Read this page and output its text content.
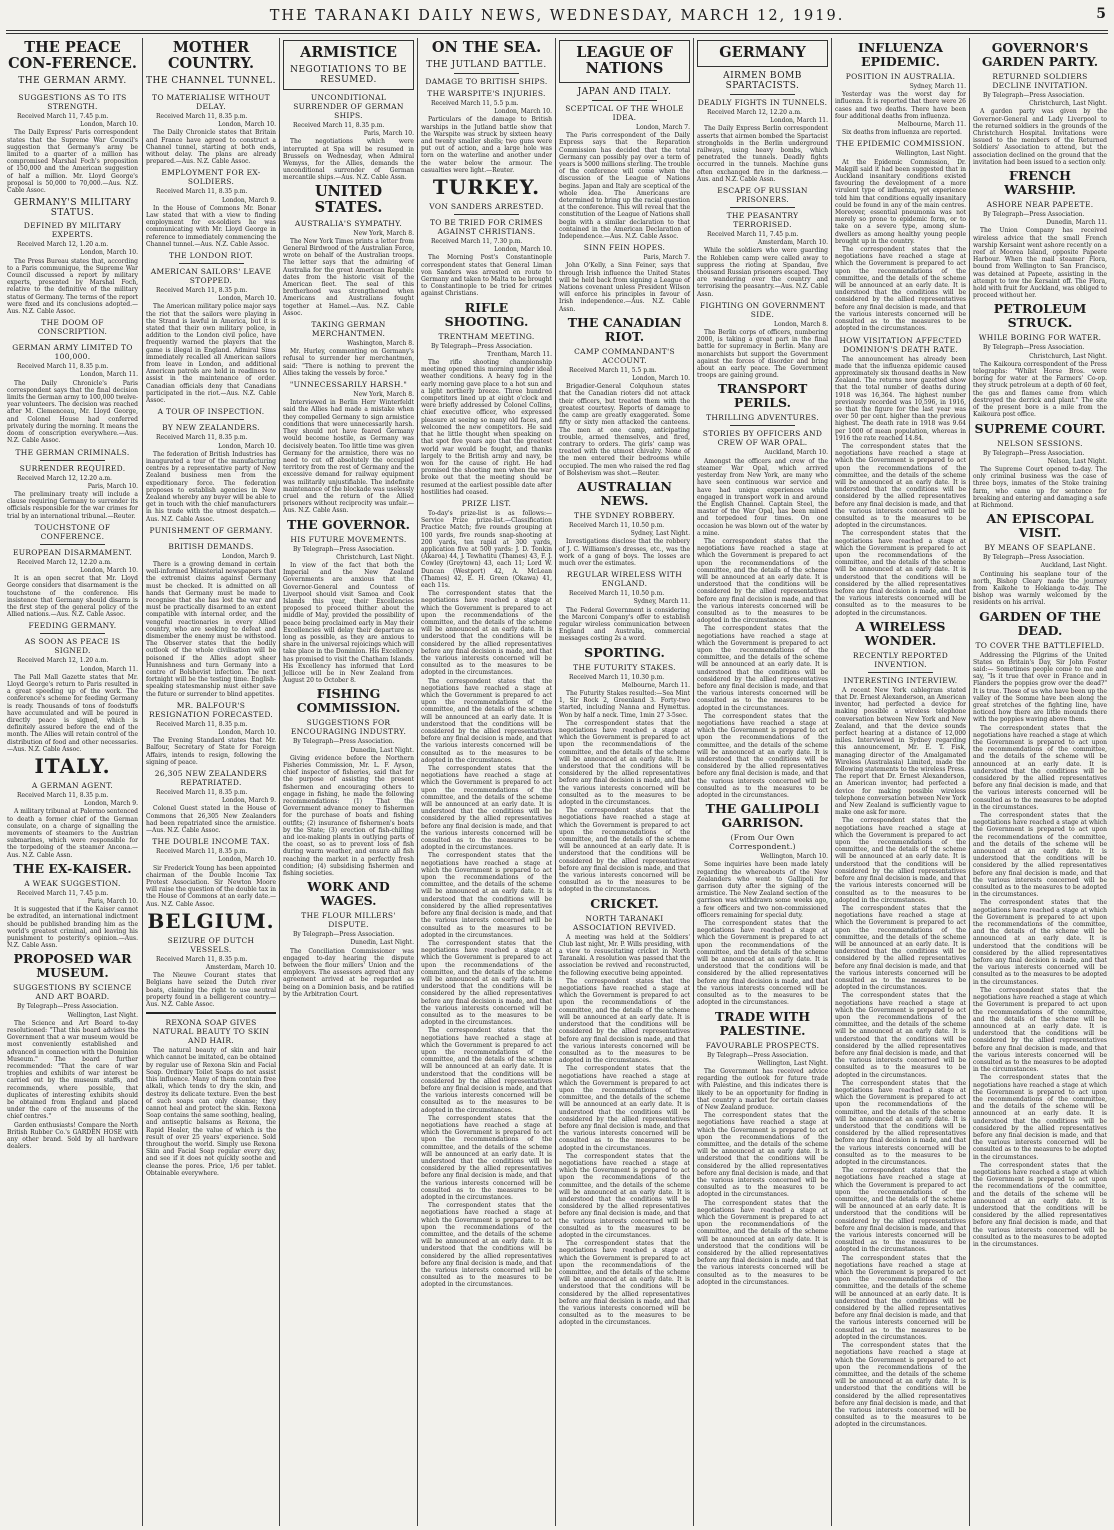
THE TARANAKI DAILY NEWS, WEDNESDAY, MARCH 12, 1919.	5
THE PEACE CON-FERENCE.
THE GERMAN ARMY.
SUGGESTIONS AS TO ITS STRENGTH.
Received March 11, 7.45 p.m.
London, March 10.

The Daily Express' Paris correspondent states that the Supreme War Council's suggestion that Germany's army be limited to a quarter of a million has compromised Marshal Foch's proposition of 150,000 and the American suggestion of half a million. Mr. Lloyd George's proposal is 50,000 to 70,000.—Aus. N.Z. Cable Assoc.

GERMANY'S MILITARY STATUS.
DEFINED BY MILITARY EXPERTS.
Received March 12, 1.20 a.m.
London, March 10.

The Press Bureau states that, according to a Paris communique, the Supreme War Council discussed a report by military experts, presented by Marshal Foch, relative to the definitive of the military status of Germany. The terms of the report were fixed and its conclusions adopted.—Aus. N.Z. Cable Assoc.

THE DOOM OF CONSCRIPTION.
GERMAN ARMY LIMITED TO 100,000.
Received March 11, 8.35 p.m.
London, March 11.

The Daily Chronicle's Paris correspondent says that the final decision limits the German army to 100,000 twelve-year volunteers. The decision was reached after M. Clemenceau, Mr. Lloyd George, and Colonel House had conferred privately during the morning. It means the doom of conscription everywhere.—Aus. N.Z. Cable Assoc.

THE GERMAN CRIMINALS.
SURRENDER REQUIRED.
Received March 12, 12.20 a.m.
Paris, March 10.

The preliminary treaty will include a clause requiring Germany to surrender its officials responsible for the war crimes for trial by an international tribunal.—Reuter.

TOUCHSTONE OF CONFERENCE.
EUROPEAN DISARMAMENT.
Received March 12, 12.20 a.m.
London, March 10.

It is an open secret that Mr. Lloyd George considers that disarmament is the touchstone of the conference. His insistence that Germany should disarm is the first step of the general policy of the Allied nations.—Aus. N.Z. Cable Assoc.

FEEDING GERMANY.
AS SOON AS PEACE IS SIGNED.
Received March 12, 1.20 a.m.
London, March 11.

The Pall Mall Gazette states that Mr. Lloyd George's return to Paris resulted in a great speeding up of the work. The conference's scheme for feeding Germany is ready. Thousands of tons of foodstuffs have accumulated and will be poured in directly peace is signed, which is definitely assured before the end of the month. The Allies will retain control of the distribution of food and other necessaries.—Aus. N.Z. Cable Assoc.

ITALY.
A GERMAN AGENT.
Received March 11, 8.35 p.m.
London, March 9.

A military tribunal at Palermo sentenced to death a former chief of the German consulate, on a charge of signalling the movements of steamers to the Austrian submarines, which were responsible for the torpedoing of the steamer Ancona.—Aus. N.Z. Cable Assn.

THE EX-KAISER.
A WEAK SUGGESTION.
Received March 11, 7.45 p.m.
Paris, March 10.

It is suggested that if the Kaiser cannot be extradited, an international indictment should be published branding him as the world's greatest criminal, and leaving his punishment to posterity's opinion.—Aus. N.Z. Cable Assn.

PROPOSED WAR MUSEUM.
SUGGESTIONS BY SCIENCE AND ART BOARD.
By Telegraph—Press Association.
Wellington, Last Night.

The Science and Art Board to-day resolutioned: "That this board advises the Government that a war museum would be most conveniently established and advanced in connection with the Dominion Museum." The board further recommended: "That the care of war trophies and exhibits of war interest be carried out by the museum staffs, and recommends, where possible, that duplicates of interesting exhibits should be obtained from England and placed under the care of the museums of the chief centres."

Garden enthusiasts! Compare the North British Rubber Co.'s GARDEN HOSE with any other brand. Sold by all hardware dealers.

MOTHER COUNTRY.
THE CHANNEL TUNNEL.
TO MATERIALISE WITHOUT DELAY.
Received March 11, 8.35 p.m.
London, March 10.

The Daily Chronicle states that Britain and France have agreed to construct a Channel tunnel, starting at both ends, without delay. The plans are already prepared.—Aus. N.Z. Cable Assoc.

EMPLOYMENT FOR EX-SOLDIERS.
Received March 11, 8.35 p.m.
London, March 9.

In the House of Commons Mr. Bonar Law stated that with a view to finding employment for ex-soldiers he was communicating with Mr. Lloyd George in reference to immediately commencing the Channel tunnel.—Aus. N.Z. Cable Assoc.

THE LONDON RIOT.
AMERICAN SAILORS' LEAVE STOPPED.
Received March 11, 8.35 p.m.
London, March 10.

The American military police major says the riot that the sailors were playing in the Strand is lawful in America, but it is stated that their own military police, in addition to the London civil police, have frequently warned the players that the game is illegal in England. Admiral Sims immediately recalled all American sailors from leave in London, and additional American patrols are held in readiness to assist in the maintenance of order. Canadian officials deny that Canadians participated in the riot.—Aus. N.Z. Cable Assoc.

A TOUR OF INSPECTION.
BY NEW ZEALANDERS.
Received March 11, 8.35 p.m.
London, March 10.

The federation of British Industries has inaugurated a tour of the manufacturing centres by a representative party of New Zealand business men from the expeditionary force. The federation proposes to establish agencies in New Zealand whereby any buyer will be able to get in touch with the chief manufacturers in his trade with the utmost despatch.—Aus. N.Z. Cable Assoc.

PUNISHMENT OF GERMANY.
BRITISH DEMANDS.
London, March 9.

There is a growing demand in certain well-informed Ministerial newspapers that the extremist claims against Germany must be checked. It is admitted on all hands that Germany must be made to recognise that she has lost the war and must be practically disarmed to an extent compatible with internal order, and the vengeful reactionaries in every Allied country, who are seeking to defeat and dismember the enemy must be withstood. The Observer states that the bodily outlook of the whole civilisation will be poisoned if the Allies adopt sheer Hunnishness and turn Germany into a centre of Bolshevist infection. The next fortnight will be the testing time. English-speaking statesmanship must either save the future or surrender to blind appetites.

MR. BALFOUR'S RESIGNATION FORECASTED.
Received March 11, 8.35 p.m.
London, March 10.

The Evening Standard states that Mr. Balfour, Secretary of State for Foreign Affairs, intends to resign, following the signing of peace.

26,305 NEW ZEALANDERS REPATRIATED.
Received March 11, 8.35 p.m.
London, March 9.

Colonel Guest stated in the House of Commons that 26,305 New Zealanders had been repatriated since the armistice.—Aus. N.Z. Cable Assoc.

THE DOUBLE INCOME TAX.
Received March 11, 8.35 p.m.
London, March 10.

Sir Frederick Young has been appointed chairman of the Double Income Tax Protest Association. Sir Newton Moore will raise the question of the double tax in the House of Commons at an early date.—Aus. N.Z. Cable Assoc.

BELGIUM.
SEIZURE OF DUTCH VESSELS.
Received March 11, 8.35 p.m.
Amsterdam, March 10.

The Nieuwe Courant states that Belgians have seized the Dutch river boats, claiming the right to use neutral property found in a belligerent country.—Aus. N.Z. Cable Assoc.

REXONA SOAP GIVES NATURAL BEAUTY TO SKIN AND HAIR.

The natural beauty of skin and hair which cannot be imitated, can be obtained by regular use of Rexona Skin and Facial Soap. Ordinary Toilet Soaps do not assist this influence. Many of them contain free alkali, which tends to dry the skin, and destroy its delicate texture. Even the best of such soaps can only cleanse; they cannot heal and protect the skin. Rexona Soap contains the same soothing, healing, and antiseptic balsams as Rexona, the Rapid Healer, the value of which is the result of over 25 years' experience. Sold throughout the world. Simply use Rexona Skin and Facial Soap regular every day, and see if it does not quickly soothe and cleanse the pores. Price, 1/6 per tablet. Obtainable everywhere.

ARMISTICE
NEGOTIATIONS TO BE RESUMED.
UNCONDITIONAL SURRENDER OF GERMAN SHIPS.
Received March 11, 8.35 p.m.
Paris, March 10.

The negotiations which were interrupted at Spa will be resumed in Brussels on Wednesday, when Admiral Wemyss, for the Allies, demands the unconditional surrender of German mercantile ships.—Aus. N.Z. Cable Assn.

UNITED STATES.
AUSTRALIA'S SYMPATHY.
New York, March 8.

The New York Times prints a letter from General Birdwood of the Australian Force, wrote on behalf of the Australian troops. The letter says that the admiring of Australia for the great American Republic dates from the historic visit of the American fleet. The seal of this brotherhood was strengthened when Americans and Australians fought together at Hamel.—Aus. N.Z. Cable Assoc.

TAKING GERMAN MERCHANTMEN.
Washington, March 8.

Mr. Hurley, commenting on Germany's refusal to surrender her merchantmen, said: "There is nothing to prevent the Allies taking the vessels by force."

"UNNECESSARILY HARSH."
New York, March 8.

Interviewed in Berlin Herr Winterfeldt said the Allies had made a mistake when they compelled Germany to sign armistice conditions that were unnecessarily harsh. They should not have feared Germany would become hostile, as Germany was decisively beaten. Too little time was given Germany for the armistice, there was no need to cut off absolutely the occupied territory from the rest of Germany and the excessive demand for railway equipment was militarily unjustifiable. The indefinite maintenance of the blockade was uselessly cruel and the return of the Allied prisoners without reciprocity was unfair.—Aus. N.Z. Cable Assn.

THE GOVERNOR.
HIS FUTURE MOVEMENTS.
By Telegraph—Press Association.
Christchurch, Last Night.

In view of the fact that both the Imperial and the New Zealand Governments are anxious that the Governor-General and Countess of Liverpool should visit Samoa and Cook Islands this year, their Excellencies proposed to proceed thither about the middle of May, provided the possibility of peace being proclaimed early in May their Excellencies will delay their departure as long as possible, as they are anxious to share in the universal rejoicings which will take place in the Dominion. His Excellency has promised to visit the Chatham Islands. His Excellency has informed that Lord Jellicoe will be in New Zealand from August 20 to October 8.

FISHING COMMISSION.
SUGGESTIONS FOR ENCOURAGING INDUSTRY.
By Telegraph—Press Association.
Dunedin, Last Night.

Giving evidence before the Northern Fisheries Commission, Mr. L. F. Ayson, chief inspector of fisheries, said that for the purpose of assisting the present fishermen and encouraging others to engage in fishing, he made the following recommendations: (1) That the Government advance money to fishermen for the purchase of boats and fishing outfits; (2) insurance of fishermen's boats by the State; (3) erection of fish-chilling and ice-making plants in outlying parts of the coast, so as to prevent loss of fish during warm weather, and ensure all fish reaching the market in a perfectly fresh condition; (4) subsidising fishermen and fishing societies.

WORK AND WAGES.
THE FLOUR MILLERS' DISPUTE.
By Telegraph—Press Association.
Dunedin, Last Night.

The Conciliation Commissioner was engaged to-day hearing the dispute between the flour millers' Union and the employers. The assessors agreed that any agreement arrived at be regarded as being on a Dominion basis, and be ratified by the Arbitration Court.

ON THE SEA.
THE JUTLAND BATTLE.
DAMAGE TO BRITISH SHIPS.
THE WARSPITE'S INJURIES.
Received March 11, 5.5 p.m.
London, March 10.

Particulars of the damage to British warships in the Jutland battle show that the Warspite was struck by sixteen heavy and twenty smaller shells; two guns were put out of action, and a large hole was torn on the waterline and another under the water below the armour. The casualties were light.—Reuter.

TURKEY.
VON SANDERS ARRESTED.
TO BE TRIED FOR CRIMES AGAINST CHRISTIANS.
Received March 11, 7.30 p.m.
London, March 10.

The Morning Post's Constantinople correspondent states that General Liman von Sanders was arrested en route to Germany and taken to Malta to be brought to Constantinople to be tried for crimes against Christians.

RIFLE SHOOTING.
TRENTHAM MEETING.
By Telegraph—Press Association.
Trentham, March 11.

The rifle shooting championship meeting opened this morning under ideal weather conditions. A heavy fog in the early morning gave place to a hot sun and a light northerly breeze. Three hundred competitors lined up at eight o'clock and were briefly addressed by Colonel Collins, chief executive officer, who expressed pleasure at seeing so many old faces, and welcomed the new competitors. He said that he little thought when speaking on that spot five years ago that the greatest world war would be fought, and thanks largely to the British army and navy, be won for the cause of right. He had promised the shooting men when the war broke out that the meeting should be resumed at the earliest possible date after hostilities had ceased.

PRIZE LIST.

To-day's prize-list is as follows:— Service Prize prize-list.—Classification Practice Match; five rounds grouping at 100 yards, five rounds snap-shooting at 200 yards, ten rapid at 300 yards, application five at 500 yards: J. D. Tonkin (Akaroa) 44, J. Tewhatitu (Thames) 43, F. J. Cowley (Greytown) 43, each 11; Lord W. Duncan (Westport) 42, A. McLean (Thames) 42, E. H. Green (Okawa) 41, each 11s.

The correspondent states that the negotiations have reached a stage at which the Government is prepared to act upon the recommendations of the committee, and the details of the scheme will be announced at an early date. It is understood that the conditions will be considered by the allied representatives before any final decision is made, and that the various interests concerned will be consulted as to the measures to be adopted in the circumstances.

The correspondent states that the negotiations have reached a stage at which the Government is prepared to act upon the recommendations of the committee, and the details of the scheme will be announced at an early date. It is understood that the conditions will be considered by the allied representatives before any final decision is made, and that the various interests concerned will be consulted as to the measures to be adopted in the circumstances.

The correspondent states that the negotiations have reached a stage at which the Government is prepared to act upon the recommendations of the committee, and the details of the scheme will be announced at an early date. It is understood that the conditions will be considered by the allied representatives before any final decision is made, and that the various interests concerned will be consulted as to the measures to be adopted in the circumstances.

The correspondent states that the negotiations have reached a stage at which the Government is prepared to act upon the recommendations of the committee, and the details of the scheme will be announced at an early date. It is understood that the conditions will be considered by the allied representatives before any final decision is made, and that the various interests concerned will be consulted as to the measures to be adopted in the circumstances.

The correspondent states that the negotiations have reached a stage at which the Government is prepared to act upon the recommendations of the committee, and the details of the scheme will be announced at an early date. It is understood that the conditions will be considered by the allied representatives before any final decision is made, and that the various interests concerned will be consulted as to the measures to be adopted in the circumstances.

The correspondent states that the negotiations have reached a stage at which the Government is prepared to act upon the recommendations of the committee, and the details of the scheme will be announced at an early date. It is understood that the conditions will be considered by the allied representatives before any final decision is made, and that the various interests concerned will be consulted as to the measures to be adopted in the circumstances.

The correspondent states that the negotiations have reached a stage at which the Government is prepared to act upon the recommendations of the committee, and the details of the scheme will be announced at an early date. It is understood that the conditions will be considered by the allied representatives before any final decision is made, and that the various interests concerned will be consulted as to the measures to be adopted in the circumstances.

The correspondent states that the negotiations have reached a stage at which the Government is prepared to act upon the recommendations of the committee, and the details of the scheme will be announced at an early date. It is understood that the conditions will be considered by the allied representatives before any final decision is made, and that the various interests concerned will be consulted as to the measures to be adopted in the circumstances.

LEAGUE OF NATIONS
JAPAN AND ITALY.
SCEPTICAL OF THE WHOLE IDEA.
London, March 7.

The Paris correspondent of the Daily Express says that the Reparation Commission has decided that the total Germany can possibly pay over a term of years is 5000 millions sterling. The trouble of the conference will come when the discussion of the League of Nations begins. Japan and Italy are sceptical of the whole idea. The Americans are determined to bring up the racial question at the conference. This will reveal that the constitution of the League of Nations shall begin with a similar declaration to that contained in the American Declaration of Independence.—Aus. N.Z. Cable Assoc.

SINN FEIN HOPES.
Paris, March 7.

John O'Kelly, a Sinn Feiner, says that through Irish influence the United States will be held back from signing a League of Nations covenant unless President Wilson will enforce his principles in favour of Irish independence.—Aus. N.Z. Cable Assn.

THE CANADIAN RIOT.
CAMP COMMANDANT'S ACCOUNT.
Received March 11, 5.5 p.m.
London, March 10.

Brigadier-General Colquhoun states that the Canadian rioters did not attack their officers, but treated them with the greatest courtesy. Reports of damage to the camp are greatly exaggerated. Some fifty or sixty men attacked the canteens. The men at one camp, anticipating trouble, armed themselves, and fired, contrary to orders. The girls' camp was treated with the utmost chivalry. None of the men entered their bedrooms while occupied. The men who raised the red flag of Bolshevism was shot.—Reuter.

AUSTRALIAN NEWS.
THE SYDNEY ROBBERY.
Received March 11, 10.50 p.m.
Sydney, Last Night.

Investigations disclose that the robbery of J. C. Williamson's dresses, etc., was the work of a gang of boys. The losses are much over the estimates.

REGULAR WIRELESS WITH ENGLAND.
Received March 11, 10.50 p.m.
Sydney, March 11.

The Federal Government is considering the Marconi Company's offer to establish regular wireless communication between England and Australia, commercial messages costing 2s a word.

SPORTING.
THE FUTURITY STAKES.
Received March 11, 10.30 p.m.
Melbourne, March 11.

The Futurity Stakes resulted:—Sea Mint 1, Sir Rock 2, Greenland 3. Forty-two started, including Nanna and Hymettus. Won by half a neck. Time, 1min 27 3-5sec.

The correspondent states that the negotiations have reached a stage at which the Government is prepared to act upon the recommendations of the committee, and the details of the scheme will be announced at an early date. It is understood that the conditions will be considered by the allied representatives before any final decision is made, and that the various interests concerned will be consulted as to the measures to be adopted in the circumstances.

The correspondent states that the negotiations have reached a stage at which the Government is prepared to act upon the recommendations of the committee, and the details of the scheme will be announced at an early date. It is understood that the conditions will be considered by the allied representatives before any final decision is made, and that the various interests concerned will be consulted as to the measures to be adopted in the circumstances.

CRICKET.
NORTH TARANAKI ASSOCIATION REVIVED.

A meeting was held at the Soldiers' Club last night, Mr. P. Wills presiding, with a view to resuscitating cricket in North Taranaki. A resolution was passed that the association be revived and reconstructed, the following executive being appointed.

The correspondent states that the negotiations have reached a stage at which the Government is prepared to act upon the recommendations of the committee, and the details of the scheme will be announced at an early date. It is understood that the conditions will be considered by the allied representatives before any final decision is made, and that the various interests concerned will be consulted as to the measures to be adopted in the circumstances.

The correspondent states that the negotiations have reached a stage at which the Government is prepared to act upon the recommendations of the committee, and the details of the scheme will be announced at an early date. It is understood that the conditions will be considered by the allied representatives before any final decision is made, and that the various interests concerned will be consulted as to the measures to be adopted in the circumstances.

The correspondent states that the negotiations have reached a stage at which the Government is prepared to act upon the recommendations of the committee, and the details of the scheme will be announced at an early date. It is understood that the conditions will be considered by the allied representatives before any final decision is made, and that the various interests concerned will be consulted as to the measures to be adopted in the circumstances.

The correspondent states that the negotiations have reached a stage at which the Government is prepared to act upon the recommendations of the committee, and the details of the scheme will be announced at an early date. It is understood that the conditions will be considered by the allied representatives before any final decision is made, and that the various interests concerned will be consulted as to the measures to be adopted in the circumstances.

GERMANY
AIRMEN BOMB SPARTACISTS.
DEADLY FIGHTS IN TUNNELS.
Received March 12, 12.20 a.m.
London, March 11.

The Daily Express Berlin correspondent asserts that airmen bombed the Spartacist strongholds in the Berlin underground railways, using heavy bombs, which penetrated the tunnels. Deadly fights occurred in the tunnels. Machine guns often exchanged fire in the darkness.—Aus. and N.Z. Cable Assn.

ESCAPE OF RUSSIAN PRISONERS.
THE PEASANTRY TERRORISED.
Received March 11, 7.45 p.m.
Amsterdam, March 10.

While the soldiers who were guarding the Rohleben camp were called away to suppress the rioting at Spandau, five thousand Russian prisoners escaped. They are wandering over the country and terrorising the peasantry.—Aus. N.Z. Cable Assn.

FIGHTING ON GOVERNMENT SIDE.
London, March 8.

The Berlin corps of officers, numbering 2000, is taking a great part in the final battle for supremacy in Berlin. Many are monarchists but support the Government against the forces of disorder and bring about an early peace. The Government troops are gaining ground.

TRANSPORT PERILS.
THRILLING ADVENTURES.
STORIES BY OFFICERS AND CREW OF WAR OPAL.
Auckland, March 10.

Amongst the officers and crew of the steamer War Opal, which arrived yesterday from New York, are many who have seen continuous war service and have had unique experiences while engaged in transport work in and around the English Channel. Captain Steel, the master of the War Opal, has been mined and torpedoed four times. On one occasion he was blown out of the water by a mine.

The correspondent states that the negotiations have reached a stage at which the Government is prepared to act upon the recommendations of the committee, and the details of the scheme will be announced at an early date. It is understood that the conditions will be considered by the allied representatives before any final decision is made, and that the various interests concerned will be consulted as to the measures to be adopted in the circumstances.

The correspondent states that the negotiations have reached a stage at which the Government is prepared to act upon the recommendations of the committee, and the details of the scheme will be announced at an early date. It is understood that the conditions will be considered by the allied representatives before any final decision is made, and that the various interests concerned will be consulted as to the measures to be adopted in the circumstances.

The correspondent states that the negotiations have reached a stage at which the Government is prepared to act upon the recommendations of the committee, and the details of the scheme will be announced at an early date. It is understood that the conditions will be considered by the allied representatives before any final decision is made, and that the various interests concerned will be consulted as to the measures to be adopted in the circumstances.

THE GALLIPOLI GARRISON.
(From Our Own Correspondent.)
Wellington, March 10.

Some inquiries have been made lately regarding the whereabouts of the New Zealanders who went to Gallipoli for garrison duty after the signing of the armistice. The New Zealand section of the garrison was withdrawn some weeks ago, a few officers and two non-commissioned officers remaining for special duty.

The correspondent states that the negotiations have reached a stage at which the Government is prepared to act upon the recommendations of the committee, and the details of the scheme will be announced at an early date. It is understood that the conditions will be considered by the allied representatives before any final decision is made, and that the various interests concerned will be consulted as to the measures to be adopted in the circumstances.

TRADE WITH PALESTINE.
FAVOURABLE PROSPECTS.
By Telegraph—Press Association.
Wellington, Last Night.

The Government has received advice regarding the outlook for future trade with Palestine, and this indicates there is likely to be an opportunity for finding in that country a market for certain classes of New Zealand produce.

The correspondent states that the negotiations have reached a stage at which the Government is prepared to act upon the recommendations of the committee, and the details of the scheme will be announced at an early date. It is understood that the conditions will be considered by the allied representatives before any final decision is made, and that the various interests concerned will be consulted as to the measures to be adopted in the circumstances.

The correspondent states that the negotiations have reached a stage at which the Government is prepared to act upon the recommendations of the committee, and the details of the scheme will be announced at an early date. It is understood that the conditions will be considered by the allied representatives before any final decision is made, and that the various interests concerned will be consulted as to the measures to be adopted in the circumstances.

INFLUENZA EPIDEMIC.
POSITION IN AUSTRALIA.
Sydney, March 11.

Yesterday was the worst day for influenza. It is reported that there were 26 cases and two deaths. There have been four additional deaths from influenza.

Melbourne, March 11.

Six deaths from influenza are reported.

THE EPIDEMIC COMMISSION.
Wellington, Last Night.

At the Epidemic Commission, Dr. Makgill said it had been suggested that in Auckland insanitary conditions existed favouring the development of a more virulent type of influenza, yet experience told him that conditions equally insanitary could be found in any of the main centres. Moreover, essential pneumonia was not merely so prone to epidemic form, or to take on a severe type, among slum-dwellers as among healthy young people brought up in the country.

The correspondent states that the negotiations have reached a stage at which the Government is prepared to act upon the recommendations of the committee, and the details of the scheme will be announced at an early date. It is understood that the conditions will be considered by the allied representatives before any final decision is made, and that the various interests concerned will be consulted as to the measures to be adopted in the circumstances.

HOW VISITATION AFFECTED DOMINION'S DEATH RATE.

The announcement has already been made that the influenza epidemic caused approximately six thousand deaths in New Zealand. The returns now gazetted show that the total number of deaths during 1918 was 16,364. The highest number previously recorded was 10,596, in 1916, so that the figure for the last year was over 50 per cent. higher than the previous highest. The death rate in 1918 was 9.64 per 1000 of mean population, whereas in 1916 the rate reached 14.84.

The correspondent states that the negotiations have reached a stage at which the Government is prepared to act upon the recommendations of the committee, and the details of the scheme will be announced at an early date. It is understood that the conditions will be considered by the allied representatives before any final decision is made, and that the various interests concerned will be consulted as to the measures to be adopted in the circumstances.

The correspondent states that the negotiations have reached a stage at which the Government is prepared to act upon the recommendations of the committee, and the details of the scheme will be announced at an early date. It is understood that the conditions will be considered by the allied representatives before any final decision is made, and that the various interests concerned will be consulted as to the measures to be adopted in the circumstances.

A WIRELESS WONDER.
RECENTLY REPORTED INVENTION.
INTERESTING INTERVIEW.

A recent New York cablegram stated that Dr. Ernest Alexanderson, an American inventor, had perfected a device for making possible a wireless telephone conversation between New York and New Zealand, and that the device sounds perfect hearing at a distance of 12,000 miles. Interviewed in Sydney regarding this announcement, Mr. E. T. Fisk, managing director of the Amalgamated Wireless (Australasia) Limited, made the following statements to the wireless Press. The report that Dr. Ernest Alexanderson, an American inventor, had perfected a device for making possible wireless telephone conversation between New York and New Zealand is sufficiently vague to make one ask for more.

The correspondent states that the negotiations have reached a stage at which the Government is prepared to act upon the recommendations of the committee, and the details of the scheme will be announced at an early date. It is understood that the conditions will be considered by the allied representatives before any final decision is made, and that the various interests concerned will be consulted as to the measures to be adopted in the circumstances.

The correspondent states that the negotiations have reached a stage at which the Government is prepared to act upon the recommendations of the committee, and the details of the scheme will be announced at an early date. It is understood that the conditions will be considered by the allied representatives before any final decision is made, and that the various interests concerned will be consulted as to the measures to be adopted in the circumstances.

The correspondent states that the negotiations have reached a stage at which the Government is prepared to act upon the recommendations of the committee, and the details of the scheme will be announced at an early date. It is understood that the conditions will be considered by the allied representatives before any final decision is made, and that the various interests concerned will be consulted as to the measures to be adopted in the circumstances.

The correspondent states that the negotiations have reached a stage at which the Government is prepared to act upon the recommendations of the committee, and the details of the scheme will be announced at an early date. It is understood that the conditions will be considered by the allied representatives before any final decision is made, and that the various interests concerned will be consulted as to the measures to be adopted in the circumstances.

The correspondent states that the negotiations have reached a stage at which the Government is prepared to act upon the recommendations of the committee, and the details of the scheme will be announced at an early date. It is understood that the conditions will be considered by the allied representatives before any final decision is made, and that the various interests concerned will be consulted as to the measures to be adopted in the circumstances.

The correspondent states that the negotiations have reached a stage at which the Government is prepared to act upon the recommendations of the committee, and the details of the scheme will be announced at an early date. It is understood that the conditions will be considered by the allied representatives before any final decision is made, and that the various interests concerned will be consulted as to the measures to be adopted in the circumstances.

The correspondent states that the negotiations have reached a stage at which the Government is prepared to act upon the recommendations of the committee, and the details of the scheme will be announced at an early date. It is understood that the conditions will be considered by the allied representatives before any final decision is made, and that the various interests concerned will be consulted as to the measures to be adopted in the circumstances.

GOVERNOR'S GARDEN PARTY.
RETURNED SOLDIERS DECLINE INVITATION.
By Telegraph—Press Association.
Christchurch, Last Night.

A garden party was given by the Governor-General and Lady Liverpool to the returned soldiers in the grounds of the Christchurch Hospital. Invitations were issued to the members of the Returned Soldiers' Association to attend, but the association declined on the ground that the invitation had been issued to a section only.

FRENCH WARSHIP.
ASHORE NEAR PAPEETE.
By Telegraph—Press Association.
Dunedin, March 11.

The Union Company has received wireless advice that the small French warship Kersaint went ashore recently on a reef at Moorea Island, opposite Papeete Harbour. When the mail steamer Flora, bound from Wellington to San Francisco, was detained at Papeete, assisting in the attempt to tow the Kersaint off. The Flora, hold with fruit for Auckland, was obliged to proceed without her.

PETROLEUM STRUCK.
WHILE BORING FOR WATER.
By Telegraph—Press Association.
Christchurch, Last Night.

The Kaikoura correspondent of the Press telegraphs: "Whilst Horse Bros. were boring for water at the Farmers' Co-op. they struck petroleum at a depth of 60 feet, the gas and flames came from which destroyed the derrick and plant." The site of the present bore is a mile from the Kaikoura post office.

SUPREME COURT.
NELSON SESSIONS.
By Telegraph—Press Association.
Nelson, Last Night.

The Supreme Court opened to-day. The only criminal business was the case of three boys, inmates of the Stoke training farm, who came up for sentence for breaking and entering and damaging a safe at Richmond.

AN EPISCOPAL VISIT.
BY MEANS OF SEAPLANE.
By Telegraph—Press Association.
Auckland, Last Night.

Continuing his seaplane tour of the north, Bishop Cleary made the journey from Kaikohe to Hokianga to-day. The bishop was warmly welcomed by the residents on his arrival.

GARDEN OF THE DEAD.
TO COVER THE BATTLEFIELD.

Addressing the Pilgrims of the United States on Britain's Day, Sir John Foster said:— Sometimes people come to me and say, "Is it true that over in France and in Flanders the poppies grow over the dead?" It is true. Those of us who have been up the valley of the Somme have been along the great stretches of the fighting line, have noticed how there are little mounds there with the poppies waving above them.

The correspondent states that the negotiations have reached a stage at which the Government is prepared to act upon the recommendations of the committee, and the details of the scheme will be announced at an early date. It is understood that the conditions will be considered by the allied representatives before any final decision is made, and that the various interests concerned will be consulted as to the measures to be adopted in the circumstances.

The correspondent states that the negotiations have reached a stage at which the Government is prepared to act upon the recommendations of the committee, and the details of the scheme will be announced at an early date. It is understood that the conditions will be considered by the allied representatives before any final decision is made, and that the various interests concerned will be consulted as to the measures to be adopted in the circumstances.

The correspondent states that the negotiations have reached a stage at which the Government is prepared to act upon the recommendations of the committee, and the details of the scheme will be announced at an early date. It is understood that the conditions will be considered by the allied representatives before any final decision is made, and that the various interests concerned will be consulted as to the measures to be adopted in the circumstances.

The correspondent states that the negotiations have reached a stage at which the Government is prepared to act upon the recommendations of the committee, and the details of the scheme will be announced at an early date. It is understood that the conditions will be considered by the allied representatives before any final decision is made, and that the various interests concerned will be consulted as to the measures to be adopted in the circumstances.

The correspondent states that the negotiations have reached a stage at which the Government is prepared to act upon the recommendations of the committee, and the details of the scheme will be announced at an early date. It is understood that the conditions will be considered by the allied representatives before any final decision is made, and that the various interests concerned will be consulted as to the measures to be adopted in the circumstances.

The correspondent states that the negotiations have reached a stage at which the Government is prepared to act upon the recommendations of the committee, and the details of the scheme will be announced at an early date. It is understood that the conditions will be considered by the allied representatives before any final decision is made, and that the various interests concerned will be consulted as to the measures to be adopted in the circumstances.
